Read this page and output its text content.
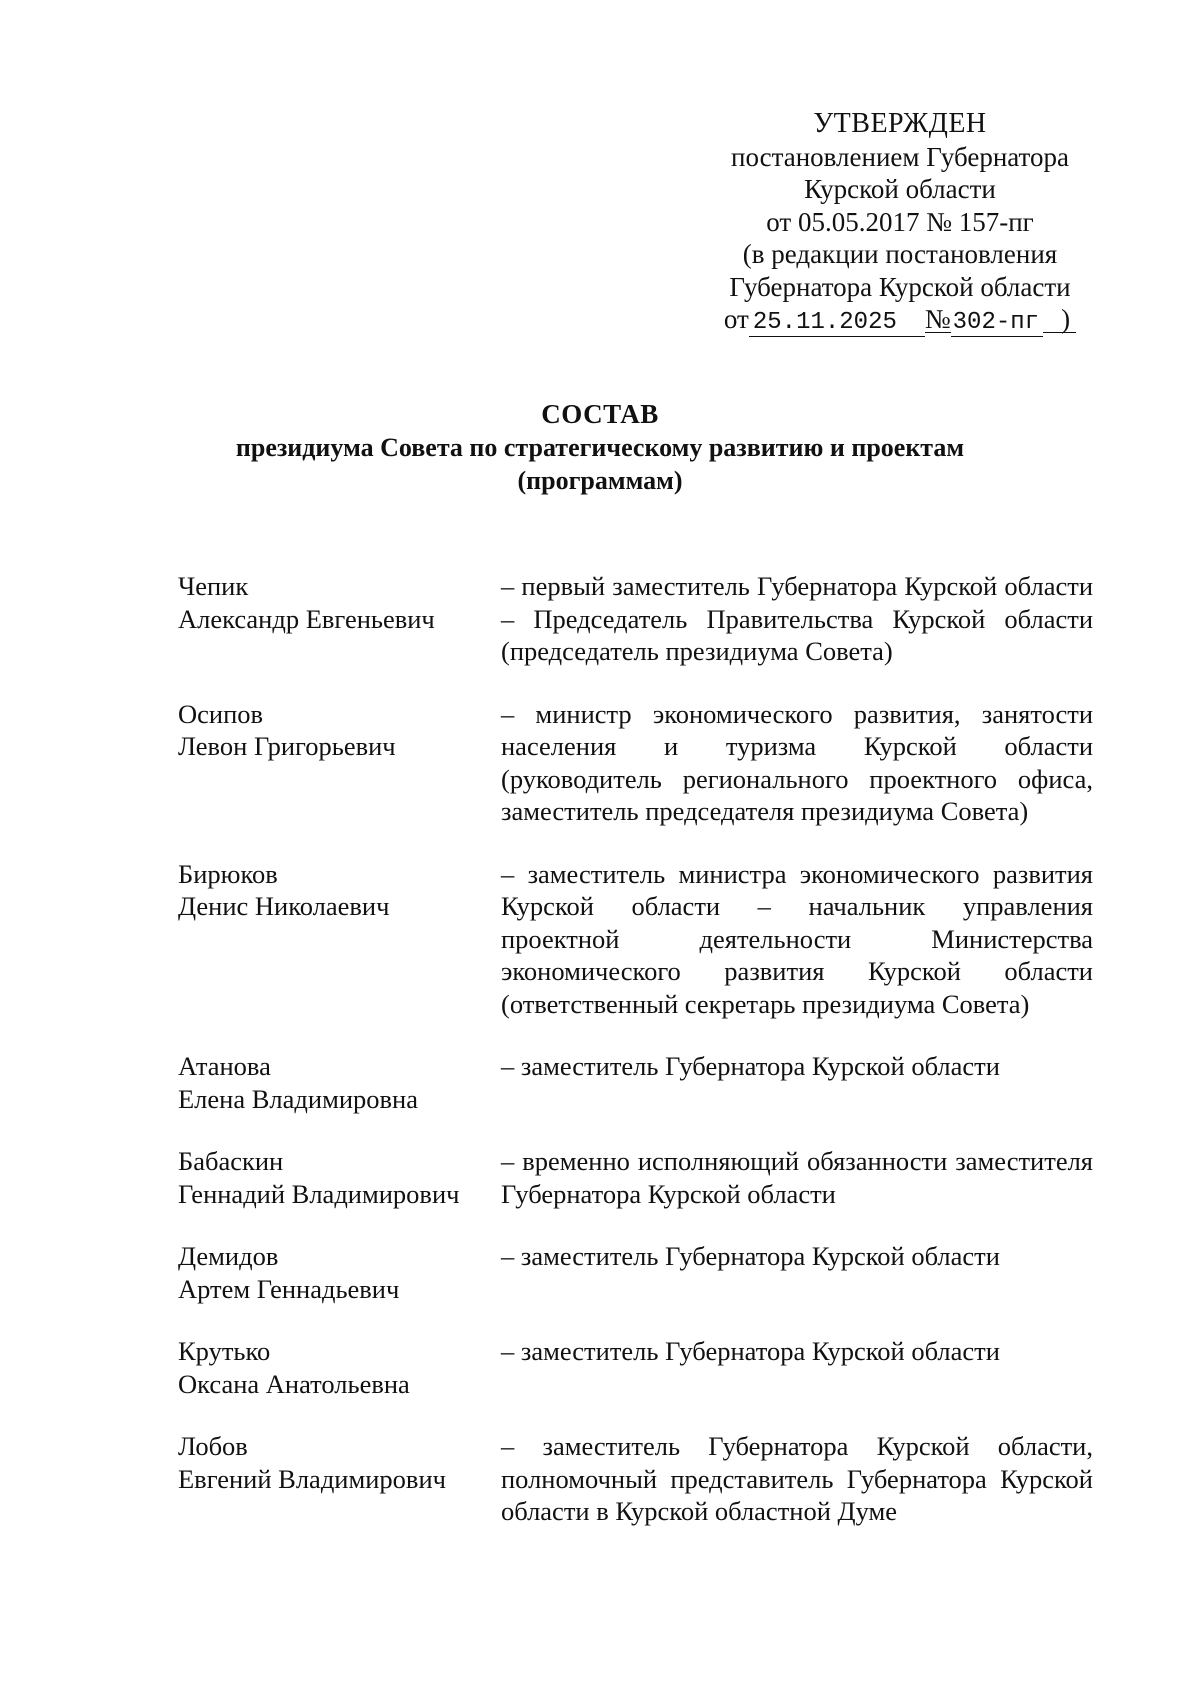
УТВЕРЖДЕН
постановлением Губернатора
Курской области
от 05.05.2017 № 157-пг
(в редакции постановления
Губернатора Курской области
от 25.11.2025 №302-пг )
СОСТАВ
президиума Совета по стратегическому развитию и проектам
(программам)
Чепик
Александр Евгеньевич
– первый заместитель Губернатора Курской области – Председатель Правительства Курской области (председатель президиума Совета)
Осипов
Левон Григорьевич
– министр экономического развития, занятости населения и туризма Курской области (руководитель регионального проектного офиса, заместитель председателя президиума Совета)
Бирюков
Денис Николаевич
– заместитель министра экономического развития Курской области – начальник управления проектной деятельности Министерства экономического развития Курской области (ответственный секретарь президиума Совета)
Атанова
Елена Владимировна
– заместитель Губернатора Курской области
Бабаскин
Геннадий Владимирович
– временно исполняющий обязанности заместителя Губернатора Курской области
Демидов
Артем Геннадьевич
– заместитель Губернатора Курской области
Крутько
Оксана Анатольевна
– заместитель Губернатора Курской области
Лобов
Евгений Владимирович
– заместитель Губернатора Курской области, полномочный представитель Губернатора Курской области в Курской областной Думе
